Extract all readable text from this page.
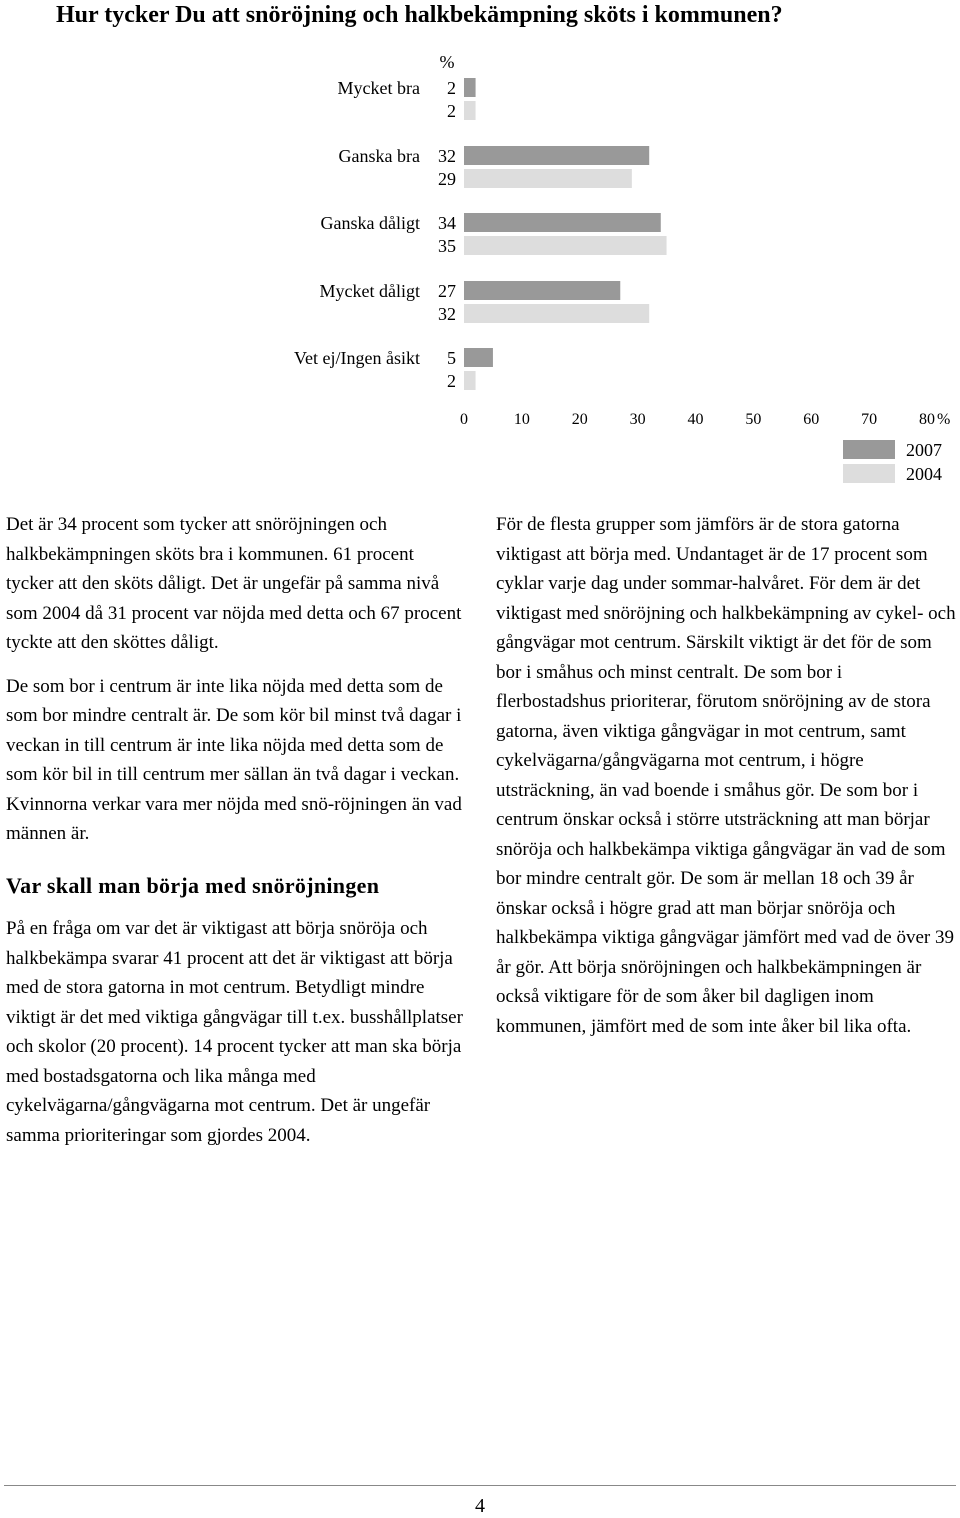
Hur tycker Du att snöröjning och halkbekämpning sköts i kommunen?
%
Mycket bra 2
2
Ganska bra 32
29
Ganska dåligt 34
35
Mycket dåligt 27
32
Vet ej/Ingen åsikt 5
2
0	10	20	30	40	50	60	70	80 %
2007
2004

Det är 34 procent som tycker att snöröjningen och halkbekämpningen sköts bra i kommunen. 61 procent tycker att den sköts dåligt. Det är ungefär på samma nivå som 2004 då 31 procent var nöjda med detta och 67 procent tyckte att den sköttes dåligt.

De som bor i centrum är inte lika nöjda med detta som de som bor mindre centralt är. De som kör bil minst två dagar i veckan in till centrum är inte lika nöjda med detta som de som kör bil in till centrum mer sällan än två dagar i veckan. Kvinnorna verkar vara mer nöjda med snö-röjningen än vad männen är.

Var skall man börja med snöröjningen

På en fråga om var det är viktigast att börja snöröja och halkbekämpa svarar 41 procent att det är viktigast att börja med de stora gatorna in mot centrum. Betydligt mindre viktigt är det med viktiga gångvägar till t.ex. busshållplatser och skolor (20 procent). 14 procent tycker att man ska börja med bostadsgatorna och lika många med cykelvägarna/gångvägarna mot centrum. Det är ungefär samma prioriteringar som gjordes 2004.

För de flesta grupper som jämförs är de stora gatorna viktigast att börja med. Undantaget är de 17 procent som cyklar varje dag under sommar-halvåret. För dem är det viktigast med snöröjning och halkbekämpning av cykel- och gångvägar mot centrum. Särskilt viktigt är det för de som bor i småhus och minst centralt. De som bor i flerbostadshus prioriterar, förutom snöröjning av de stora gatorna, även viktiga gångvägar in mot centrum, samt cykelvägarna/gångvägarna mot centrum, i högre utsträckning, än vad boende i småhus gör. De som bor i centrum önskar också i större utsträckning att man börjar snöröja och halkbekämpa viktiga gångvägar än vad de som bor mindre centralt gör. De som är mellan 18 och 39 år önskar också i högre grad att man börjar snöröja och halkbekämpa viktiga gångvägar jämfört med vad de över 39 år gör. Att börja snöröjningen och halkbekämpningen är också viktigare för de som åker bil dagligen inom kommunen, jämfört med de som inte åker bil lika ofta.

4
